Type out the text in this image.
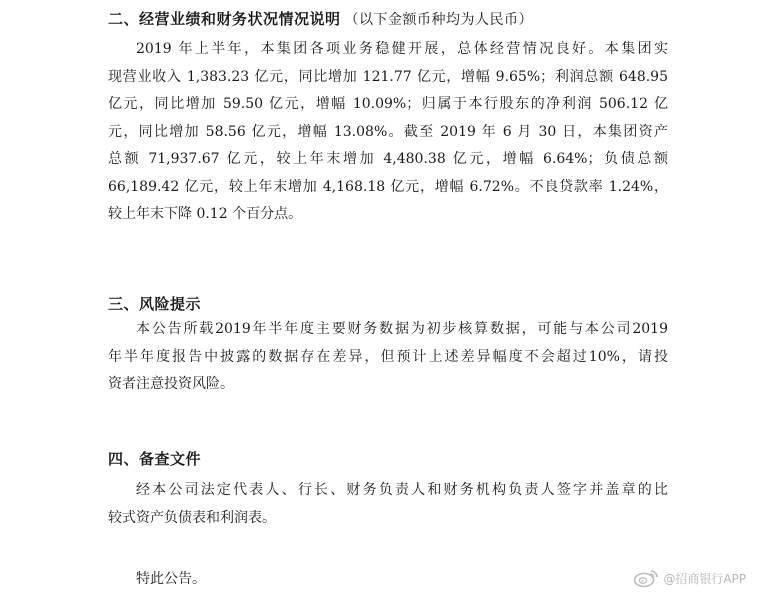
二、经营业绩和财务状况情况说明 （以下金额币种均为人民币）
2019 年上半年，本集团各项业务稳健开展，总体经营情况良好。本集团实
现营业收入 1,383.23 亿元，同比增加 121.77 亿元，增幅 9.65%；利润总额 648.95
亿元，同比增加 59.50 亿元，增幅 10.09%；归属于本行股东的净利润 506.12 亿
元，同比增加 58.56 亿元，增幅 13.08%。截至 2019 年 6 月 30 日，本集团资产
总额 71,937.67 亿元，较上年末增加 4,480.38 亿元，增幅 6.64%；负债总额
66,189.42 亿元，较上年末增加 4,168.18 亿元，增幅 6.72%。不良贷款率 1.24%，
较上年末下降 0.12 个百分点。
三、风险提示
本公告所载2019年半年度主要财务数据为初步核算数据，可能与本公司2019
年半年度报告中披露的数据存在差异，但预计上述差异幅度不会超过10%，请投
资者注意投资风险。
四、备查文件
经本公司法定代表人、行长、财务负责人和财务机构负责人签字并盖章的比
较式资产负债表和利润表。
特此公告。	@招商银行APP
